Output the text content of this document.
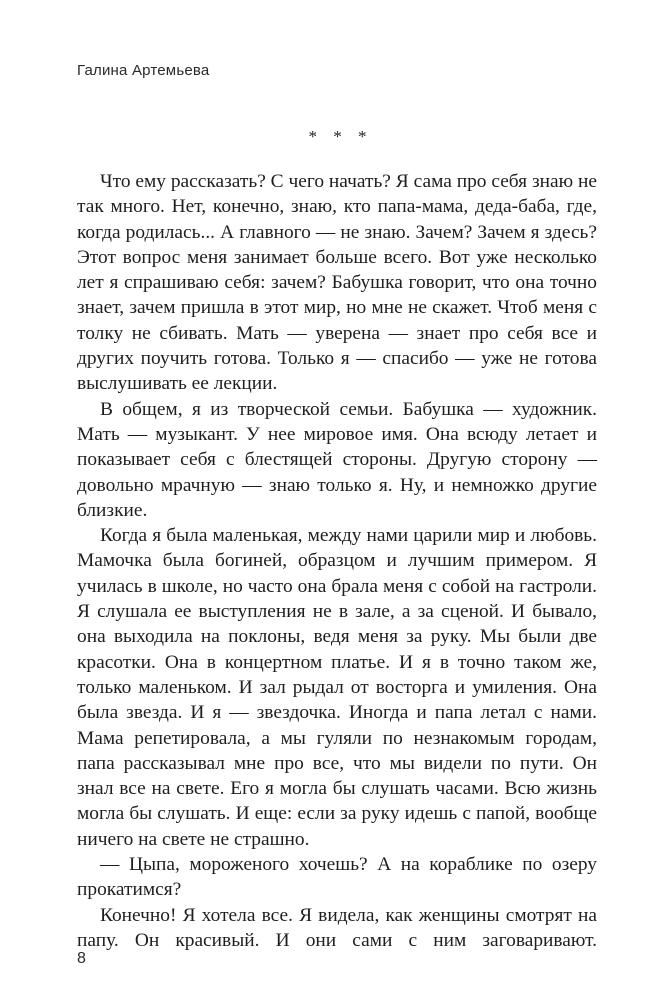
Галина Артемьева
* * *

Что ему рассказать? С чего начать? Я сама про себя знаю не так много. Нет, конечно, знаю, кто папа-мама, деда-баба, где, когда родилась... А главного — не знаю. Зачем? Зачем я здесь? Этот вопрос меня занимает больше всего. Вот уже несколько лет я спрашиваю себя: зачем? Бабушка говорит, что она точно знает, зачем пришла в этот мир, но мне не скажет. Чтоб меня с толку не сбивать. Мать — уверена — знает про себя все и других поучить готова. Только я — спасибо — уже не готова выслушивать ее лекции.

В общем, я из творческой семьи. Бабушка — художник. Мать — музыкант. У нее мировое имя. Она всюду летает и показывает себя с блестящей стороны. Другую сторону — довольно мрачную — знаю только я. Ну, и немножко другие близкие.

Когда я была маленькая, между нами царили мир и любовь. Мамочка была богиней, образцом и лучшим примером. Я училась в школе, но часто она брала меня с собой на гастроли. Я слушала ее выступления не в зале, а за сценой. И бывало, она выходила на поклоны, ведя меня за руку. Мы были две красотки. Она в концертном платье. И я в точно таком же, только маленьком. И зал рыдал от восторга и умиления. Она была звезда. И я — звездочка. Иногда и папа летал с нами. Мама репетировала, а мы гуляли по незнакомым городам, папа рассказывал мне про все, что мы видели по пути. Он знал все на свете. Его я могла бы слушать часами. Всю жизнь могла бы слушать. И еще: если за руку идешь с папой, вообще ничего на свете не страшно.

— Цыпа, мороженого хочешь? А на кораблике по озеру прокатимся?

Конечно! Я хотела все. Я видела, как женщины смотрят на папу. Он красивый. И они сами с ним заговаривают.

8
